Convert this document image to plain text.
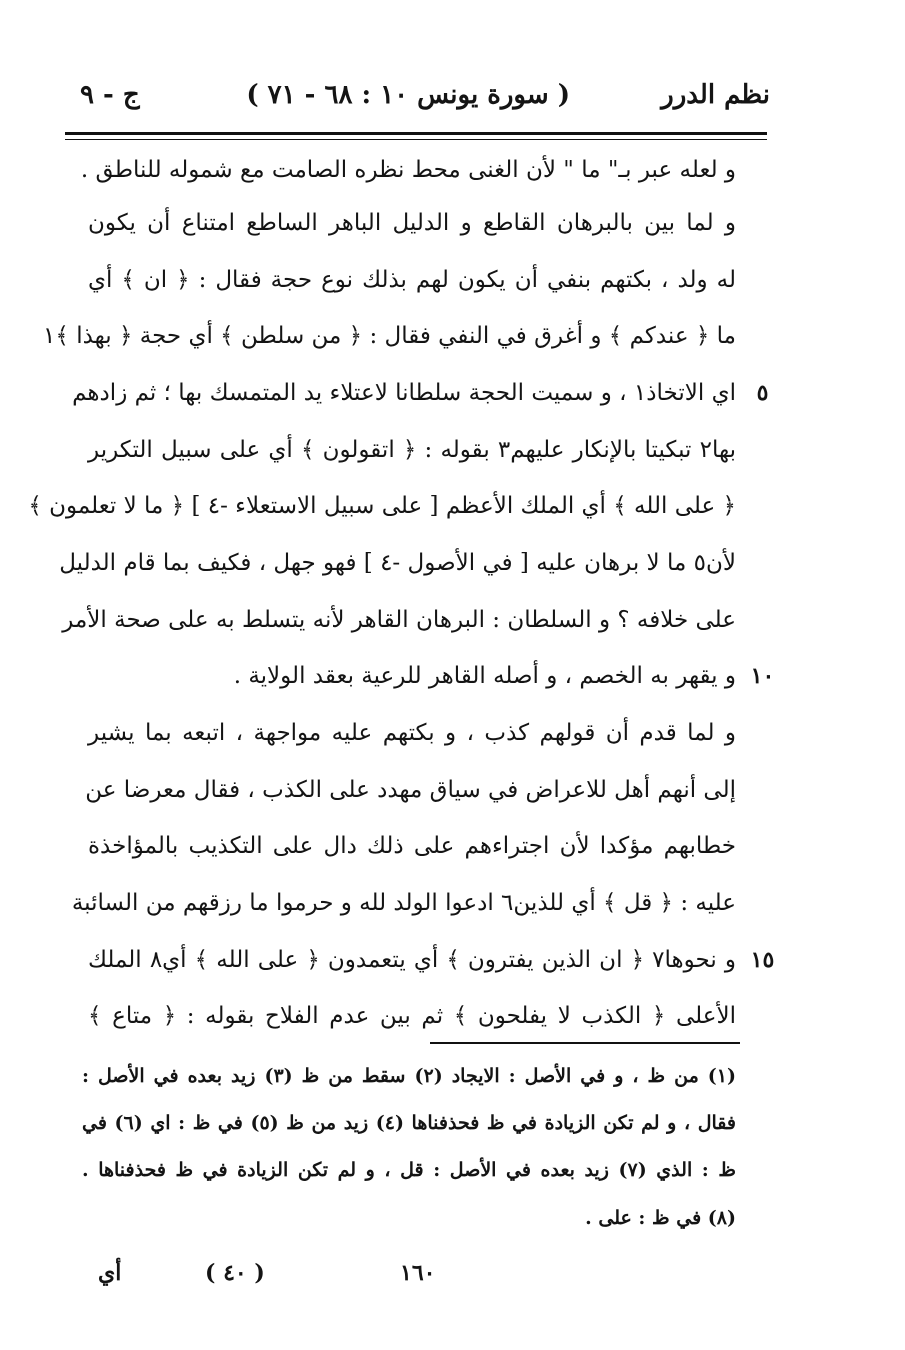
نظم الدرر
( سورة يونس ١٠ : ٦٨ - ٧١ )
ج - ٩
و لعله عبر بـ" ما " لأن الغنى محط نظره الصامت مع شموله للناطق .
و لما بين بالبرهان القاطع و الدليل الباهر الساطع امتناع أن يكون
له ولد ، بكتهم بنفي أن يكون لهم بذلك نوع حجة فقال : ﴿ ان ﴾ أي
ما ﴿ عندكم ﴾ و أغرق في النفي فقال : ﴿ من سلطن ﴾ أي حجة ﴿ بهذا ﴾١
اي الاتخاذ١ ، و سميت الحجة سلطانا لاعتلاء يد المتمسك بها ؛ ثم زادهم
بها٢ تبكيتا بالإنكار عليهم٣ بقوله : ﴿ اتقولون ﴾ أي على سبيل التكرير
﴿ على الله ﴾ أي الملك الأعظم [ على سبيل الاستعلاء -٤ ] ﴿ ما لا تعلمون ﴾
لأن٥ ما لا برهان عليه [ في الأصول -٤ ] فهو جهل ، فكيف بما قام الدليل
على خلافه ؟ و السلطان : البرهان القاهر لأنه يتسلط به على صحة الأمر
و يقهر به الخصم ، و أصله القاهر للرعية بعقد الولاية .
و لما قدم أن قولهم كذب ، و بكتهم عليه مواجهة ، اتبعه بما يشير
إلى أنهم أهل للاعراض في سياق مهدد على الكذب ، فقال معرضا عن
خطابهم مؤكدا لأن اجتراءهم على ذلك دال على التكذيب بالمؤاخذة
عليه : ﴿ قل ﴾ أي للذين٦ ادعوا الولد لله و حرموا ما رزقهم من السائبة
و نحوها٧ ﴿ ان الذين يفترون ﴾ أي يتعمدون ﴿ على الله ﴾ أي٨ الملك
الأعلى ﴿ الكذب لا يفلحون ﴾ ثم بين عدم الفلاح بقوله : ﴿ متاع ﴾
٥
١٠
١٥
(١) من ظ ، و في الأصل : الايجاد (٢) سقط من ظ (٣) زيد بعده في الأصل :
فقال ، و لم تكن الزيادة في ظ فحذفناها (٤) زيد من ظ (٥) في ظ : اي (٦) في
ظ : الذي (٧) زيد بعده في الأصل : قل ، و لم تكن الزيادة في ظ فحذفناها .
(٨) في ظ : على .
١٦٠
( ٤٠ )
أي
